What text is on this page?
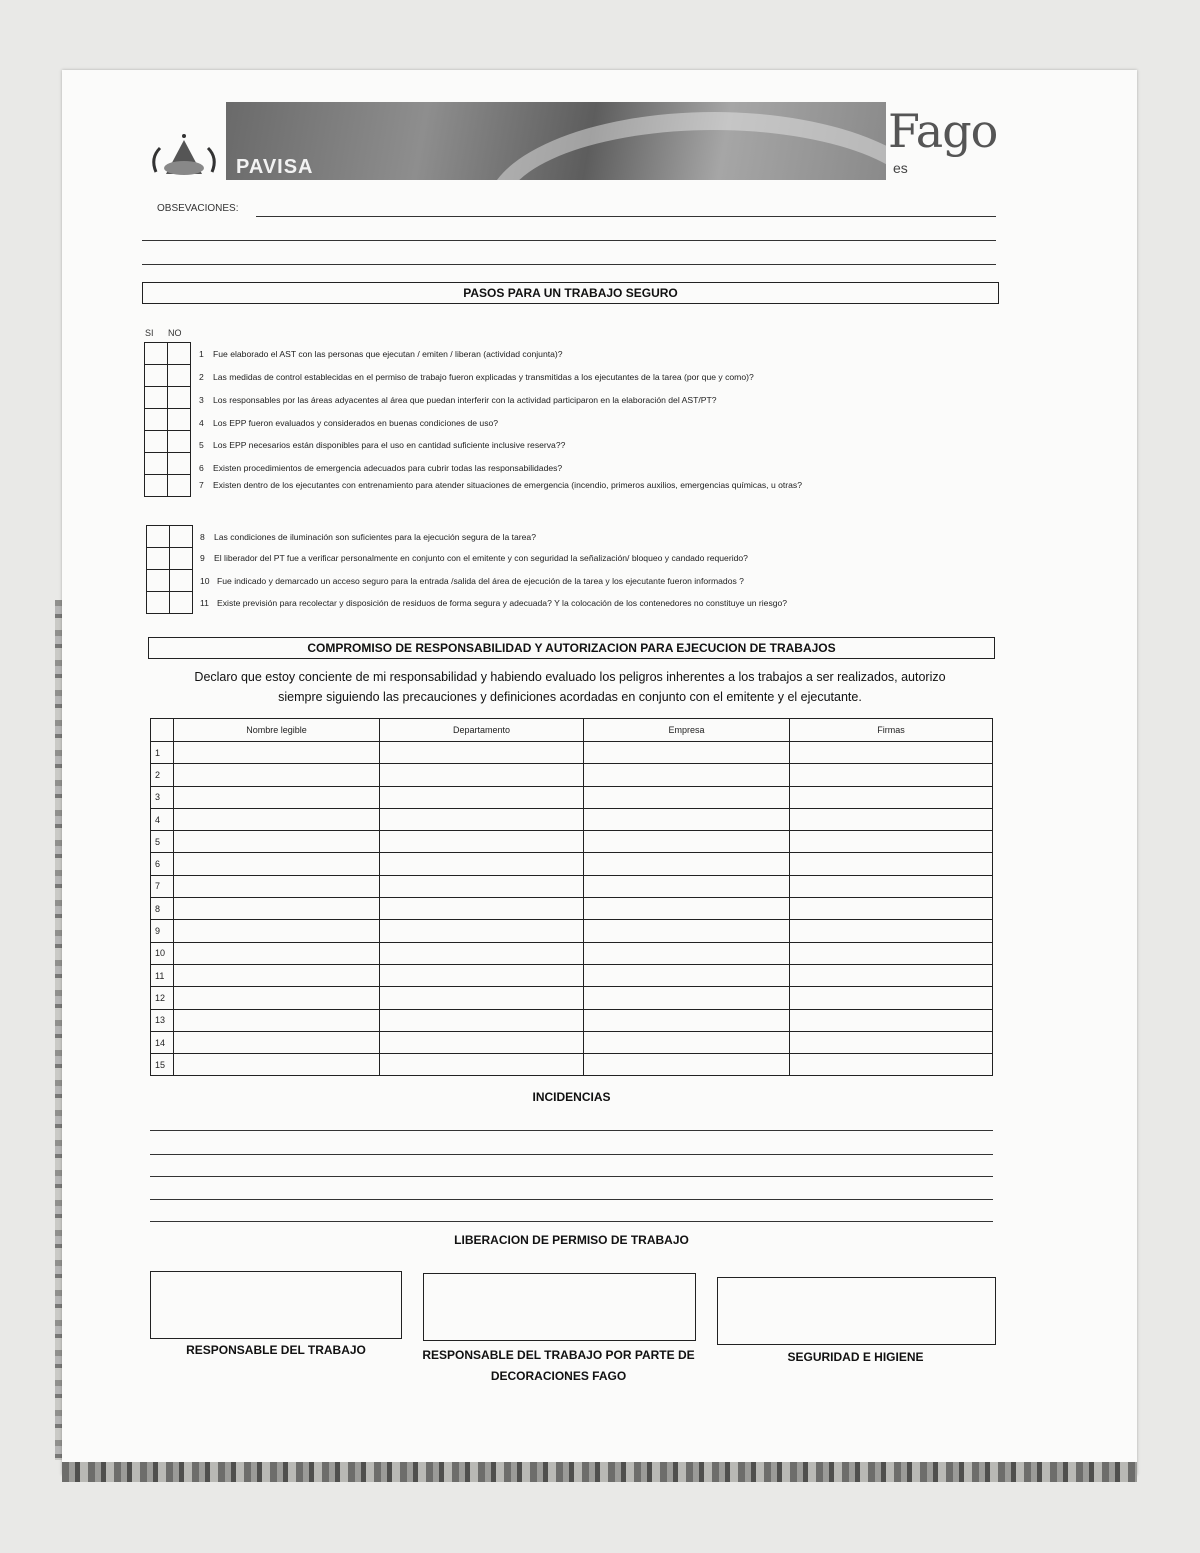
PAVISA
Fago
es
OBSEVACIONES:
PASOS PARA UN TRABAJO SEGURO
SI NO

1 Fue elaborado el AST con las personas que ejecutan / emiten / liberan (actividad conjunta)?
2 Las medidas de control establecidas en el permiso de trabajo fueron explicadas y transmitidas a los ejecutantes de la tarea (por que y como)?
3 Los responsables por las áreas adyacentes al área que puedan interferir con la actividad participaron en la elaboración del AST/PT?
4 Los EPP fueron evaluados y considerados en buenas condiciones de uso?
5 Los EPP necesarios están disponibles para el uso en cantidad suficiente inclusive reserva??
6 Existen procedimientos de emergencia adecuados para cubrir todas las responsabilidades?
7 Existen dentro de los ejecutantes con entrenamiento para atender situaciones de emergencia (incendio, primeros auxilios, emergencias químicas, u otras?
8 Las condiciones de iluminación son suficientes para la ejecución segura de la tarea?
9 El liberador del PT fue a verificar personalmente en conjunto con el emitente y con seguridad la señalización/ bloqueo y candado requerido?
10 Fue indicado y demarcado un acceso seguro para la entrada /salida del área de ejecución de la tarea y los ejecutante fueron informados ?
11 Existe previsión para recolectar y disposición de residuos de forma segura y adecuada? Y la colocación de los contenedores no constituye un riesgo?
COMPROMISO DE RESPONSABILIDAD Y AUTORIZACION PARA EJECUCION DE TRABAJOS
Declaro que estoy conciente de mi responsabilidad y habiendo evaluado los peligros inherentes a los trabajos a ser realizados, autorizo
siempre siguiendo las precauciones y definiciones acordadas en conjunto con el emitente y el ejecutante.
	Nombre legible	Departamento	Empresa	Firmas
1				
2				
3				
4				
5				
6				
7				
8				
9				
10				
11				
12				
13				
14				
15				
INCIDENCIAS
LIBERACION DE PERMISO DE TRABAJO
RESPONSABLE DEL TRABAJO	RESPONSABLE DEL TRABAJO POR PARTE DE DECORACIONES FAGO
SEGURIDAD E HIGIENE
